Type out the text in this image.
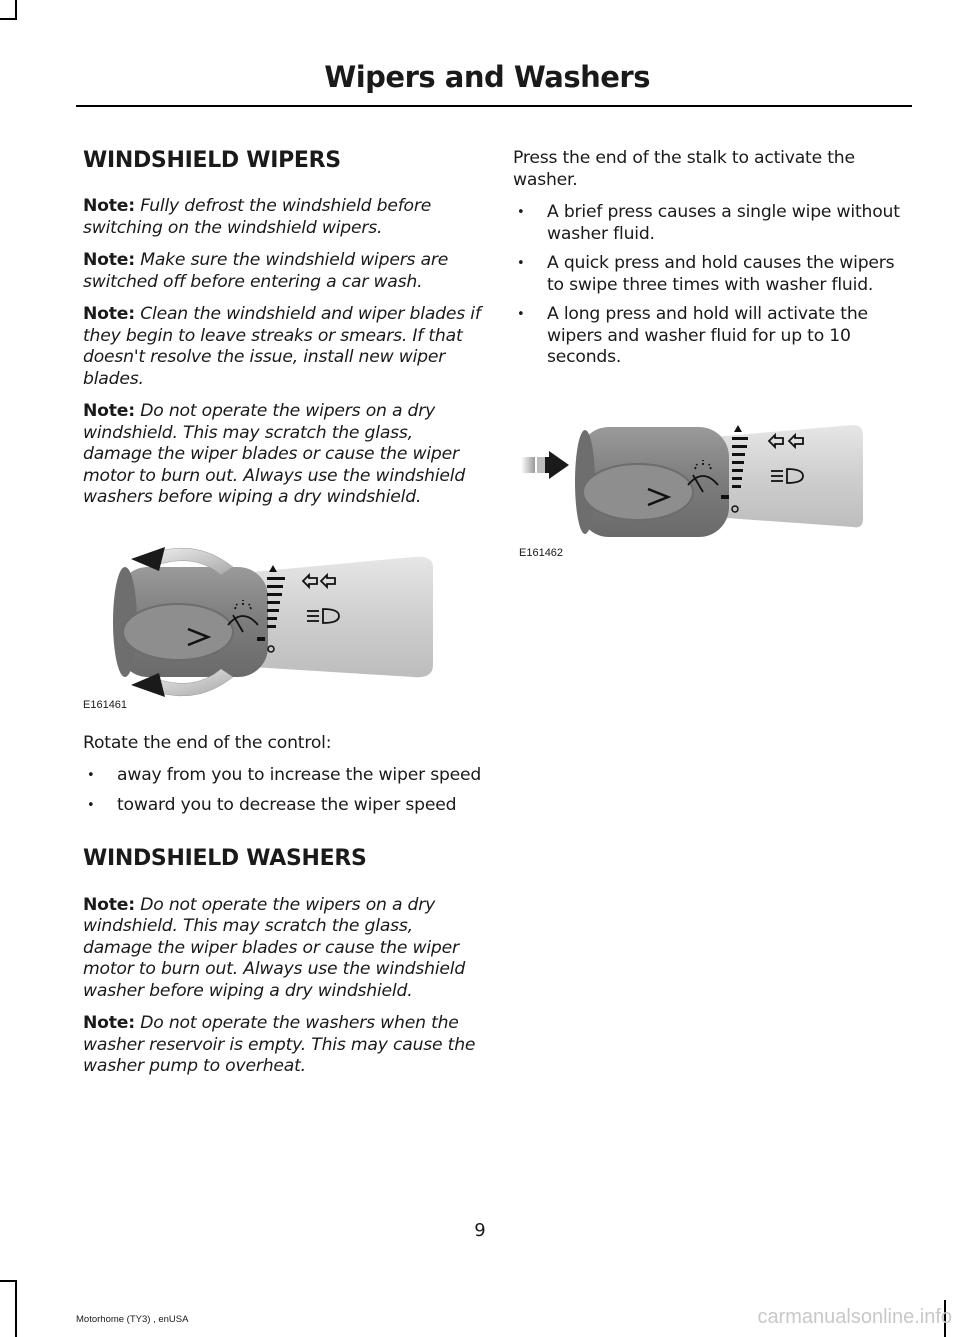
Wipers and Washers
WINDSHIELD WIPERS

Note: Fully defrost the windshield before switching on the windshield wipers.

Note: Make sure the windshield wipers are switched off before entering a car wash.

Note: Clean the windshield and wiper blades if they begin to leave streaks or smears. If that doesn't resolve the issue, install new wiper blades.

Note: Do not operate the wipers on a dry windshield. This may scratch the glass, damage the wiper blades or cause the wiper motor to burn out. Always use the windshield washers before wiping a dry windshield.

E161461

Rotate the end of the control:

• away from you to increase the wiper speed
• toward you to decrease the wiper speed
WINDSHIELD WASHERS

Note: Do not operate the wipers on a dry windshield. This may scratch the glass, damage the wiper blades or cause the wiper motor to burn out. Always use the windshield washer before wiping a dry windshield.

Note: Do not operate the washers when the washer reservoir is empty. This may cause the washer pump to overheat.

Press the end of the stalk to activate the washer.

• A brief press causes a single wipe without washer fluid.
• A quick press and hold causes the wipers to swipe three times with washer fluid.
• A long press and hold will activate the wipers and washer fluid for up to 10 seconds.
E161462
9
Motorhome (TY3) , enUSA	carmanualsonline.info
